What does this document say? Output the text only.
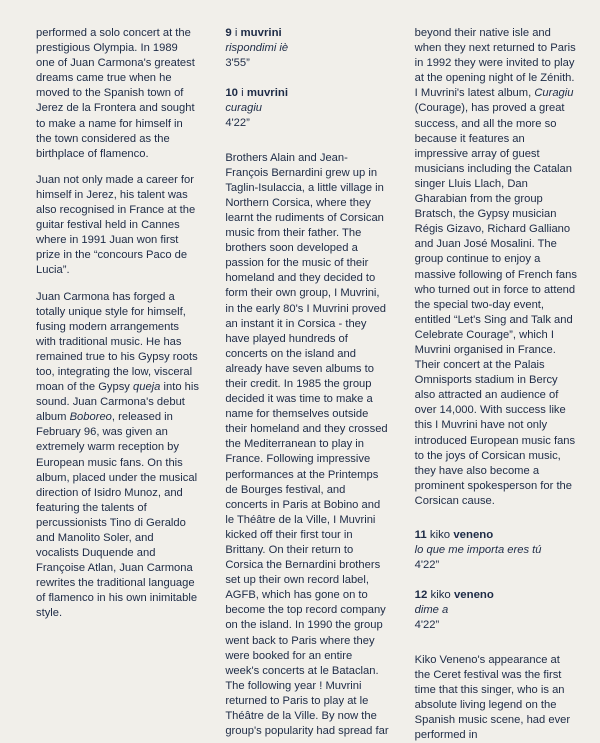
performed a solo concert at the prestigious Olympia. In 1989 one of Juan Carmona's greatest dreams came true when he moved to the Spanish town of Jerez de la Frontera and sought to make a name for himself in the town considered as the birthplace of flamenco.

Juan not only made a career for himself in Jerez, his talent was also recognised in France at the guitar festival held in Cannes where in 1991 Juan won first prize in the “concours Paco de Lucia”.

Juan Carmona has forged a totally unique style for himself, fusing modern arrangements with traditional music. He has remained true to his Gypsy roots too, integrating the low, visceral moan of the Gypsy queja into his sound. Juan Carmona's debut album Boboreo, released in February 96, was given an extremely warm reception by European music fans. On this album, placed under the musical direction of Isidro Munoz, and featuring the talents of percussionists Tino di Geraldo and Manolito Soler, and vocalists Duquende and Françoise Atlan, Juan Carmona rewrites the traditional language of flamenco in his own inimitable style.

9 i muvrini
rispondimi iè
3'55”
10 i muvrini
curagiu
4'22”

Brothers Alain and Jean-François Bernardini grew up in Taglin-Isulaccia, a little village in Northern Corsica, where they learnt the rudiments of Corsican music from their father. The brothers soon developed a passion for the music of their homeland and they decided to form their own group, I Muvrini, in the early 80's I Muvrini proved an instant it in Corsica - they have played hundreds of concerts on the island and already have seven albums to their credit. In 1985 the group decided it was time to make a name for themselves outside their homeland and they crossed the Mediterranean to play in France. Following impressive performances at the Printemps de Bourges festival, and concerts in Paris at Bobino and le Théâtre de la Ville, I Muvrini kicked off their first tour in Brittany. On their return to Corsica the Bernardini brothers set up their own record label, AGFB, which has gone on to become the top record company on the island. In 1990 the group went back to Paris where they were booked for an entire week's concerts at le Bataclan. The following year ! Muvrini returned to Paris to play at le Théâtre de la Ville. By now the group's popularity had spread far

beyond their native isle and when they next returned to Paris in 1992 they were invited to play at the opening night of le Zénith. I Muvrini's latest album, Curagiu (Courage), has proved a great success, and all the more so because it features an impressive array of guest musicians including the Catalan singer Lluis Llach, Dan Gharabian from the group Bratsch, the Gypsy musician Régis Gizavo, Richard Galliano and Juan José Mosalini. The group continue to enjoy a massive following of French fans who turned out in force to attend the special two-day event, entitled “Let's Sing and Talk and Celebrate Courage”, which I Muvrini organised in France. Their concert at the Palais Omnisports stadium in Bercy also attracted an audience of over 14,000. With success like this I Muvrini have not only introduced European music fans to the joys of Corsican music, they have also become a prominent spokesperson for the Corsican cause.

11 kiko veneno
lo que me importa eres tú
4'22”
12 kiko veneno
dime a
4'22”

Kiko Veneno's appearance at the Ceret festival was the first time that this singer, who is an absolute living legend on the Spanish music scene, had ever performed in
